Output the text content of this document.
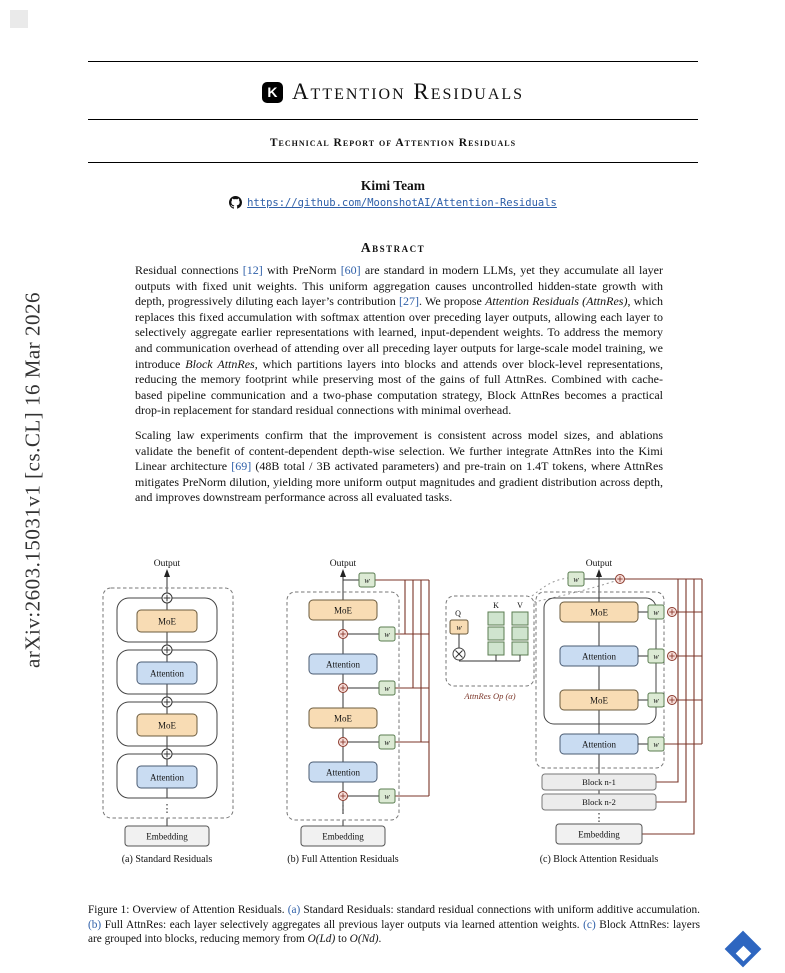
arXiv:2603.15031v1 [cs.CL] 16 Mar 2026
K Attention Residuals
Technical Report of Attention Residuals
Kimi Team
https://github.com/MoonshotAI/Attention-Residuals
Abstract

Residual connections [12] with PreNorm [60] are standard in modern LLMs, yet they accumulate all layer outputs with fixed unit weights. This uniform aggregation causes uncontrolled hidden-state growth with depth, progressively diluting each layer’s contribution [27]. We propose Attention Residuals (AttnRes), which replaces this fixed accumulation with softmax attention over preceding layer outputs, allowing each layer to selectively aggregate earlier representations with learned, input-dependent weights. To address the memory and communication overhead of attending over all preceding layer outputs for large-scale model training, we introduce Block AttnRes, which partitions layers into blocks and attends over block-level representations, reducing the memory footprint while preserving most of the gains of full AttnRes. Combined with cache-based pipeline communication and a two-phase computation strategy, Block AttnRes becomes a practical drop-in replacement for standard residual connections with minimal overhead.

Scaling law experiments confirm that the improvement is consistent across model sizes, and ablations validate the benefit of content-dependent depth-wise selection. We further integrate AttnRes into the Kimi Linear architecture [69] (48B total / 3B activated parameters) and pre-train on 1.4T tokens, where AttnRes mitigates PreNorm dilution, yielding more uniform output magnitudes and gradient distribution across depth, and improves downstream performance across all evaluated tasks.

Output
MoE
Attention
MoE
Attention
⋮
Embedding
(a) Standard Residuals
Output
w
MoE
Attention
MoE
Attention
w
w
w
w
⋮
Embedding
(b) Full Attention Residuals
K V
Q
w
AttnRes Op (α)
Output
w
MoE
Attention
MoE
Attention
w
w
w
w
Block n-1
Block n-2
⋮
Embedding
(c) Block Attention Residuals

Figure 1: Overview of Attention Residuals. (a) Standard Residuals: standard residual connections with uniform additive accumulation. (b) Full AttnRes: each layer selectively aggregates all previous layer outputs via learned attention weights. (c) Block AttnRes: layers are grouped into blocks, reducing memory from O(Ld) to O(Nd).
